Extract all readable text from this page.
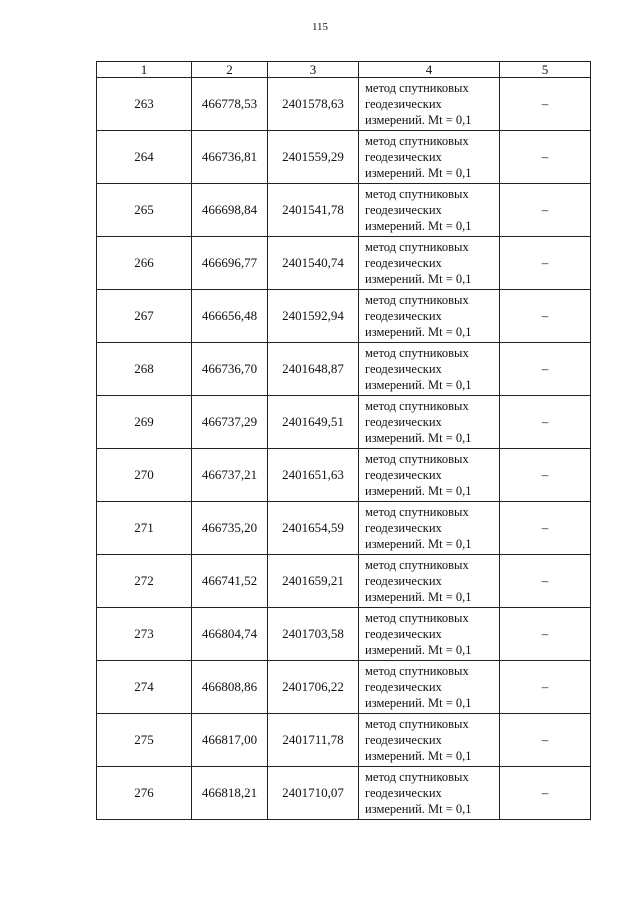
115
1	2	3	4	5
263	466778,53	2401578,63	метод спутниковых
геодезических
измерений. Mt = 0,1	–
264	466736,81	2401559,29	метод спутниковых
геодезических
измерений. Mt = 0,1	–
265	466698,84	2401541,78	метод спутниковых
геодезических
измерений. Mt = 0,1	–
266	466696,77	2401540,74	метод спутниковых
геодезических
измерений. Mt = 0,1	–
267	466656,48	2401592,94	метод спутниковых
геодезических
измерений. Mt = 0,1	–
268	466736,70	2401648,87	метод спутниковых
геодезических
измерений. Mt = 0,1	–
269	466737,29	2401649,51	метод спутниковых
геодезических
измерений. Mt = 0,1	–
270	466737,21	2401651,63	метод спутниковых
геодезических
измерений. Mt = 0,1	–
271	466735,20	2401654,59	метод спутниковых
геодезических
измерений. Mt = 0,1	–
272	466741,52	2401659,21	метод спутниковых
геодезических
измерений. Mt = 0,1	–
273	466804,74	2401703,58	метод спутниковых
геодезических
измерений. Mt = 0,1	–
274	466808,86	2401706,22	метод спутниковых
геодезических
измерений. Mt = 0,1	–
275	466817,00	2401711,78	метод спутниковых
геодезических
измерений. Mt = 0,1	–
276	466818,21	2401710,07	метод спутниковых
геодезических
измерений. Mt = 0,1	–
